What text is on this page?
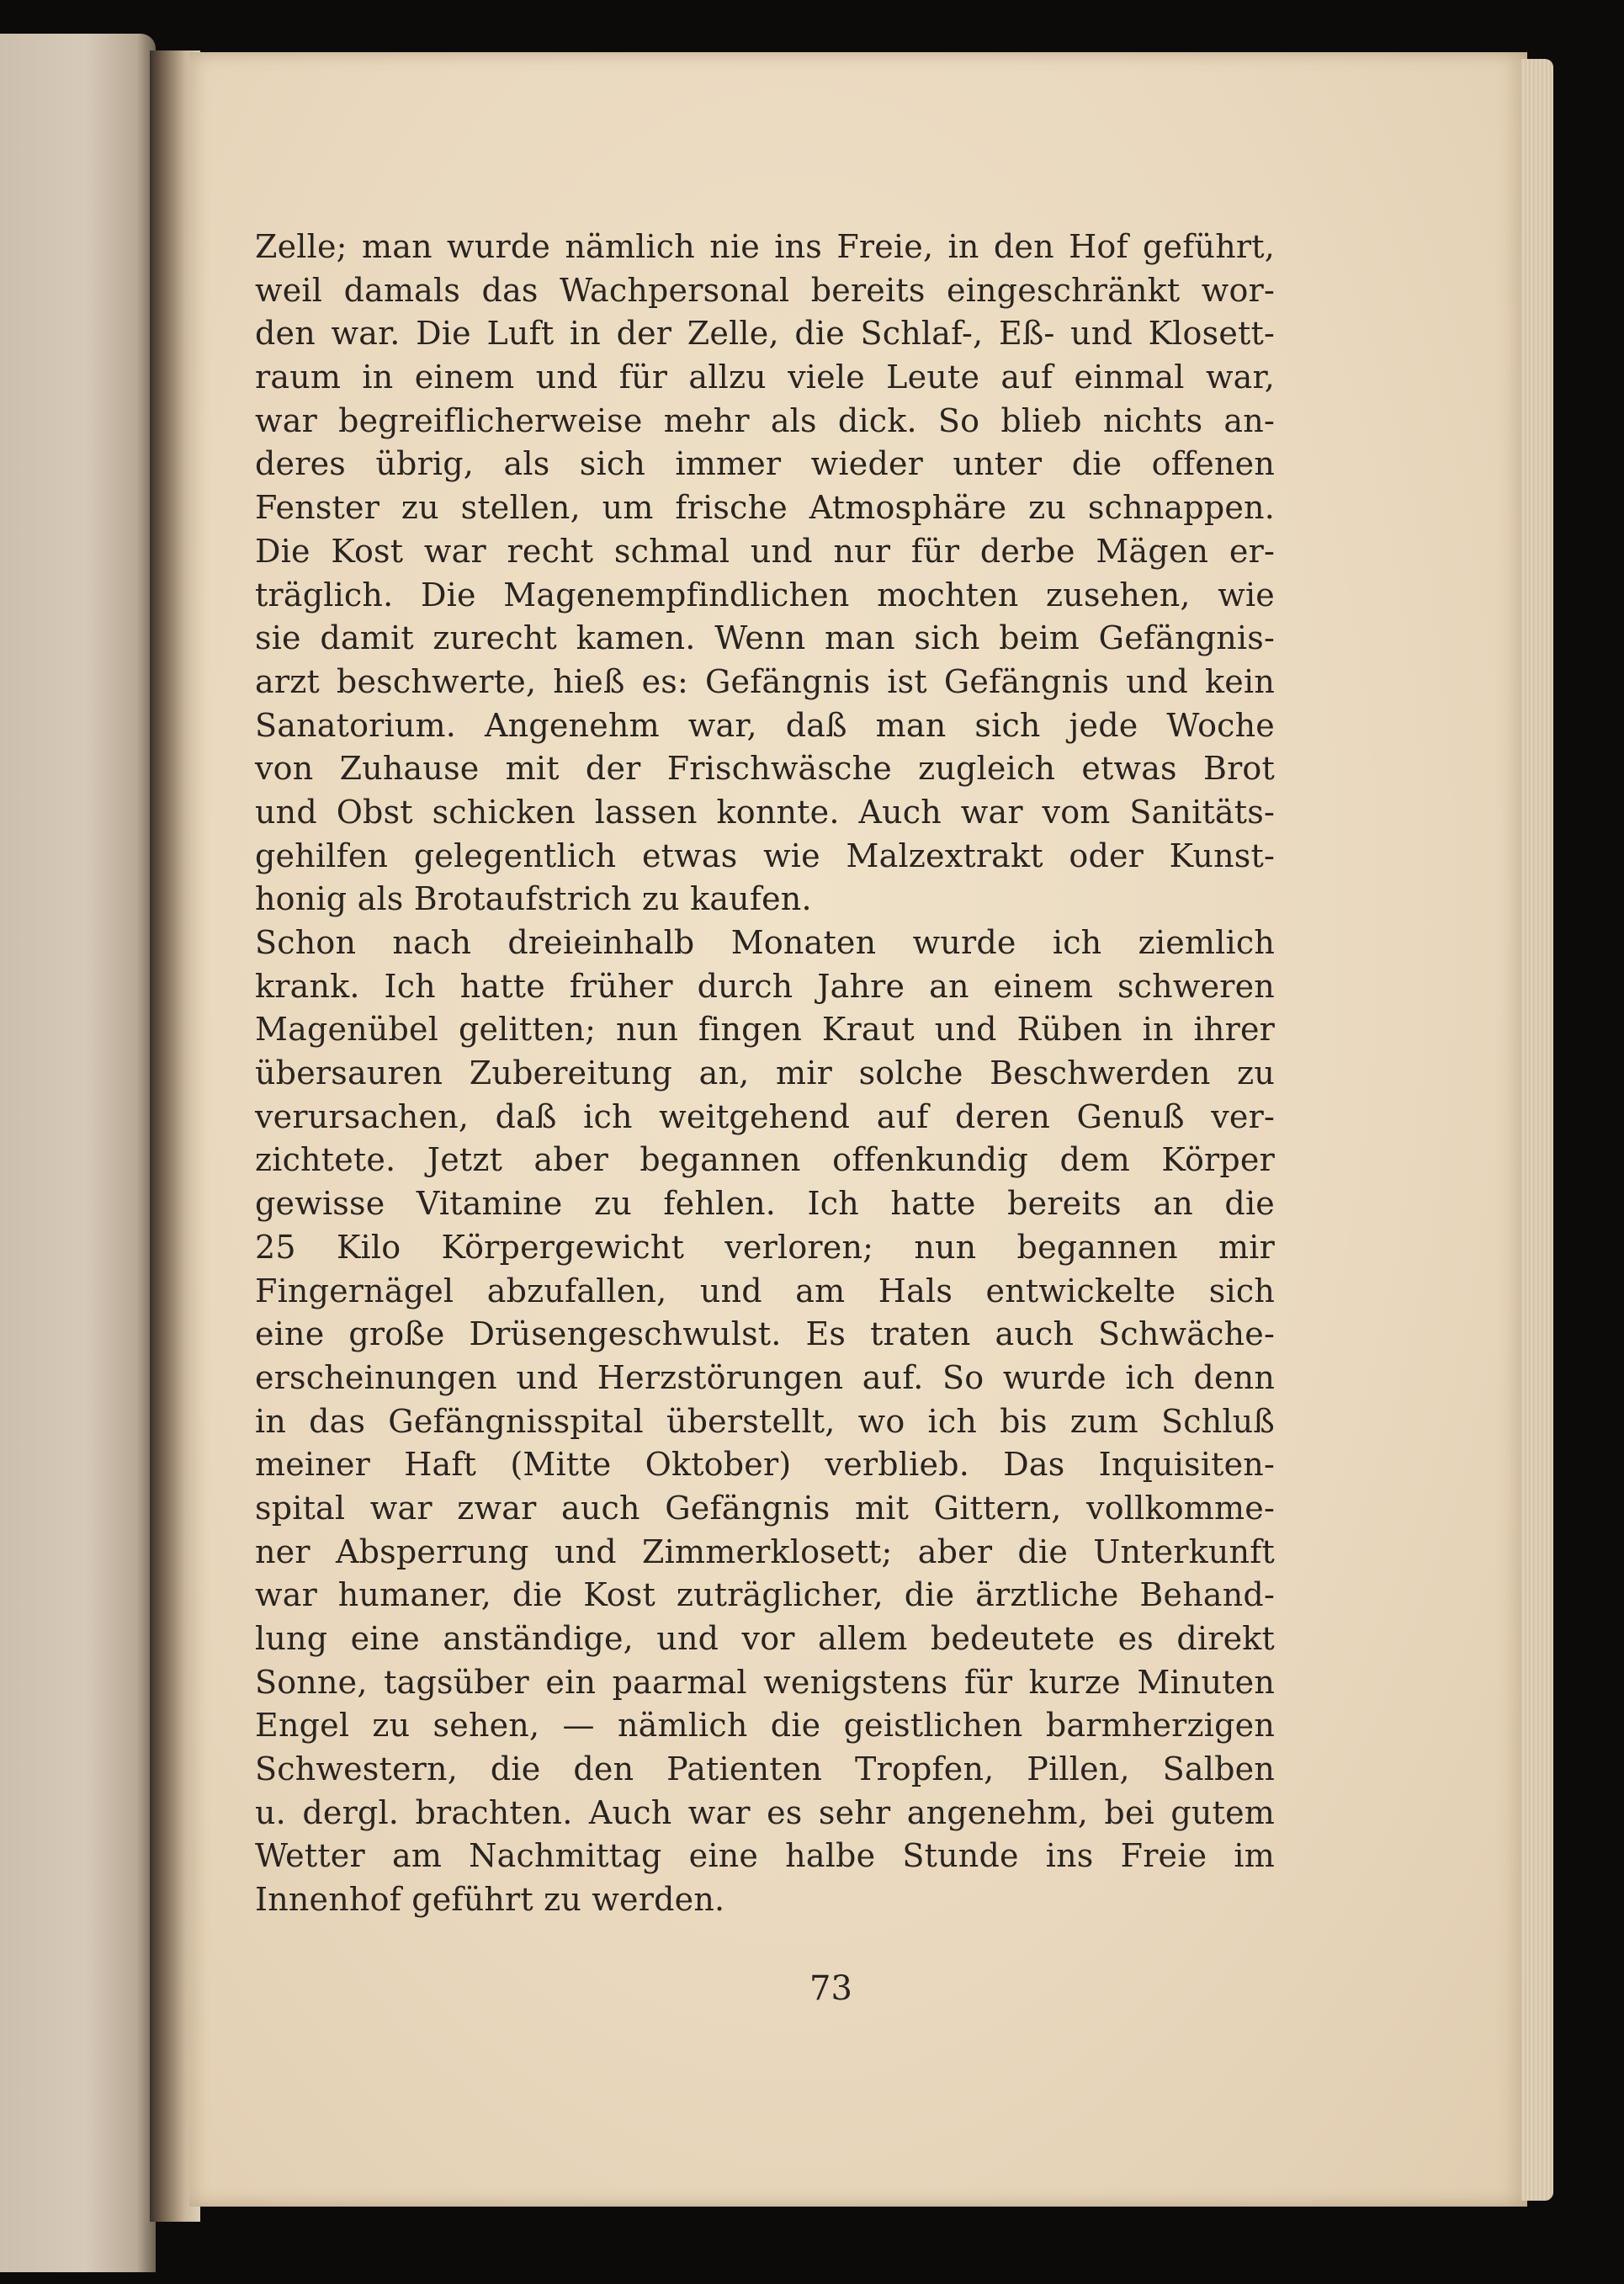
Zelle; man wurde nämlich nie ins Freie, in den Hof geführt,
weil damals das Wachpersonal bereits eingeschränkt wor-
den war. Die Luft in der Zelle, die Schlaf-, Eß- und Klosett-
raum in einem und für allzu viele Leute auf einmal war,
war begreiflicherweise mehr als dick. So blieb nichts an-
deres übrig, als sich immer wieder unter die offenen
Fenster zu stellen, um frische Atmosphäre zu schnappen.
Die Kost war recht schmal und nur für derbe Mägen er-
träglich. Die Magenempfindlichen mochten zusehen, wie
sie damit zurecht kamen. Wenn man sich beim Gefängnis-
arzt beschwerte, hieß es: Gefängnis ist Gefängnis und kein
Sanatorium. Angenehm war, daß man sich jede Woche
von Zuhause mit der Frischwäsche zugleich etwas Brot
und Obst schicken lassen konnte. Auch war vom Sanitäts-
gehilfen gelegentlich etwas wie Malzextrakt oder Kunst-
honig als Brotaufstrich zu kaufen.
Schon nach dreieinhalb Monaten wurde ich ziemlich
krank. Ich hatte früher durch Jahre an einem schweren
Magenübel gelitten; nun fingen Kraut und Rüben in ihrer
übersauren Zubereitung an, mir solche Beschwerden zu
verursachen, daß ich weitgehend auf deren Genuß ver-
zichtete. Jetzt aber begannen offenkundig dem Körper
gewisse Vitamine zu fehlen. Ich hatte bereits an die
25 Kilo Körpergewicht verloren; nun begannen mir
Fingernägel abzufallen, und am Hals entwickelte sich
eine große Drüsengeschwulst. Es traten auch Schwäche-
erscheinungen und Herzstörungen auf. So wurde ich denn
in das Gefängnisspital überstellt, wo ich bis zum Schluß
meiner Haft (Mitte Oktober) verblieb. Das Inquisiten-
spital war zwar auch Gefängnis mit Gittern, vollkomme-
ner Absperrung und Zimmerklosett; aber die Unterkunft
war humaner, die Kost zuträglicher, die ärztliche Behand-
lung eine anständige, und vor allem bedeutete es direkt
Sonne, tagsüber ein paarmal wenigstens für kurze Minuten
Engel zu sehen, — nämlich die geistlichen barmherzigen
Schwestern, die den Patienten Tropfen, Pillen, Salben
u. dergl. brachten. Auch war es sehr angenehm, bei gutem
Wetter am Nachmittag eine halbe Stunde ins Freie im
Innenhof geführt zu werden.
73
